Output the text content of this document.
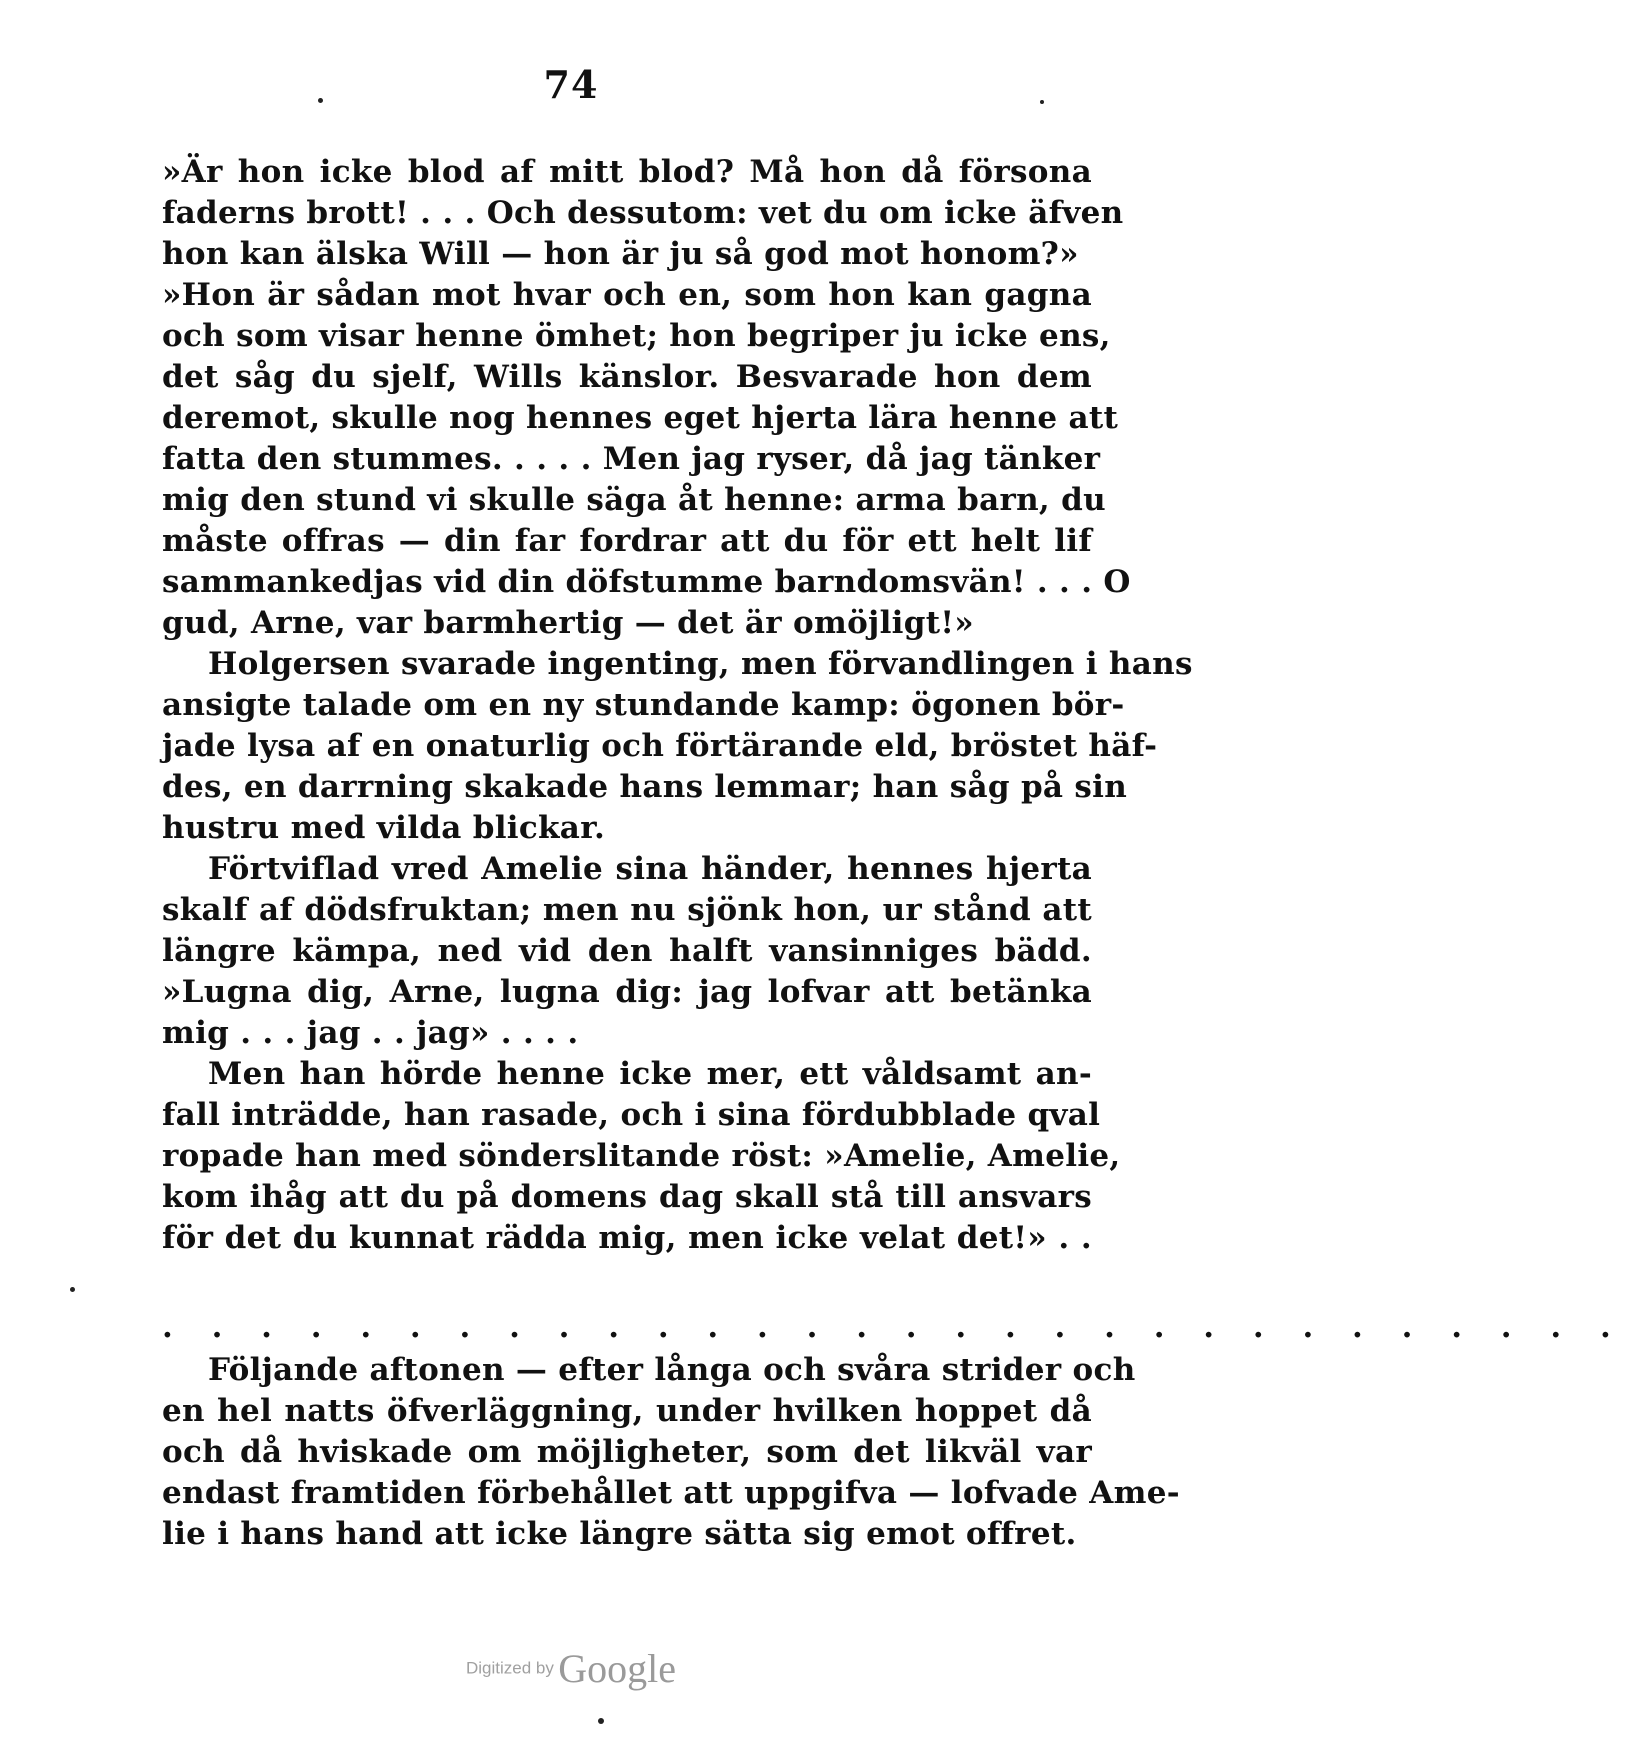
74
»Är hon icke blod af mitt blod? Må hon då försona
faderns brott! . . . Och dessutom: vet du om icke äfven
hon kan älska Will — hon är ju så god mot honom?»
»Hon är sådan mot hvar och en, som hon kan gagna
och som visar henne ömhet; hon begriper ju icke ens,
det såg du sjelf, Wills känslor. Besvarade hon dem
deremot, skulle nog hennes eget hjerta lära henne att
fatta den stummes. . . . . Men jag ryser, då jag tänker
mig den stund vi skulle säga åt henne: arma barn, du
måste offras — din far fordrar att du för ett helt lif
sammankedjas vid din döfstumme barndomsvän! . . . O
gud, Arne, var barmhertig — det är omöjligt!»
Holgersen svarade ingenting, men förvandlingen i hans
ansigte talade om en ny stundande kamp: ögonen bör-
jade lysa af en onaturlig och förtärande eld, bröstet häf-
des, en darrning skakade hans lemmar; han såg på sin
hustru med vilda blickar.
Förtviflad vred Amelie sina händer, hennes hjerta
skalf af dödsfruktan; men nu sjönk hon, ur stånd att
längre kämpa, ned vid den halft vansinniges bädd.
»Lugna dig, Arne, lugna dig: jag lofvar att betänka
mig . . . jag . . jag» . . . .
Men han hörde henne icke mer, ett våldsamt an-
fall inträdde, han rasade, och i sina fördubblade qval
ropade han med sönderslitande röst: »Amelie, Amelie,
kom ihåg att du på domens dag skall stå till ansvars
för det du kunnat rädda mig, men icke velat det!» . .
. . . . . . . . . . . . . . . . . . . . . . . . . . . . . .
Följande aftonen — efter långa och svåra strider och
en hel natts öfverläggning, under hvilken hoppet då
och då hviskade om möjligheter, som det likväl var
endast framtiden förbehållet att uppgifva — lofvade Ame-
lie i hans hand att icke längre sätta sig emot offret.
Digitized by Google
